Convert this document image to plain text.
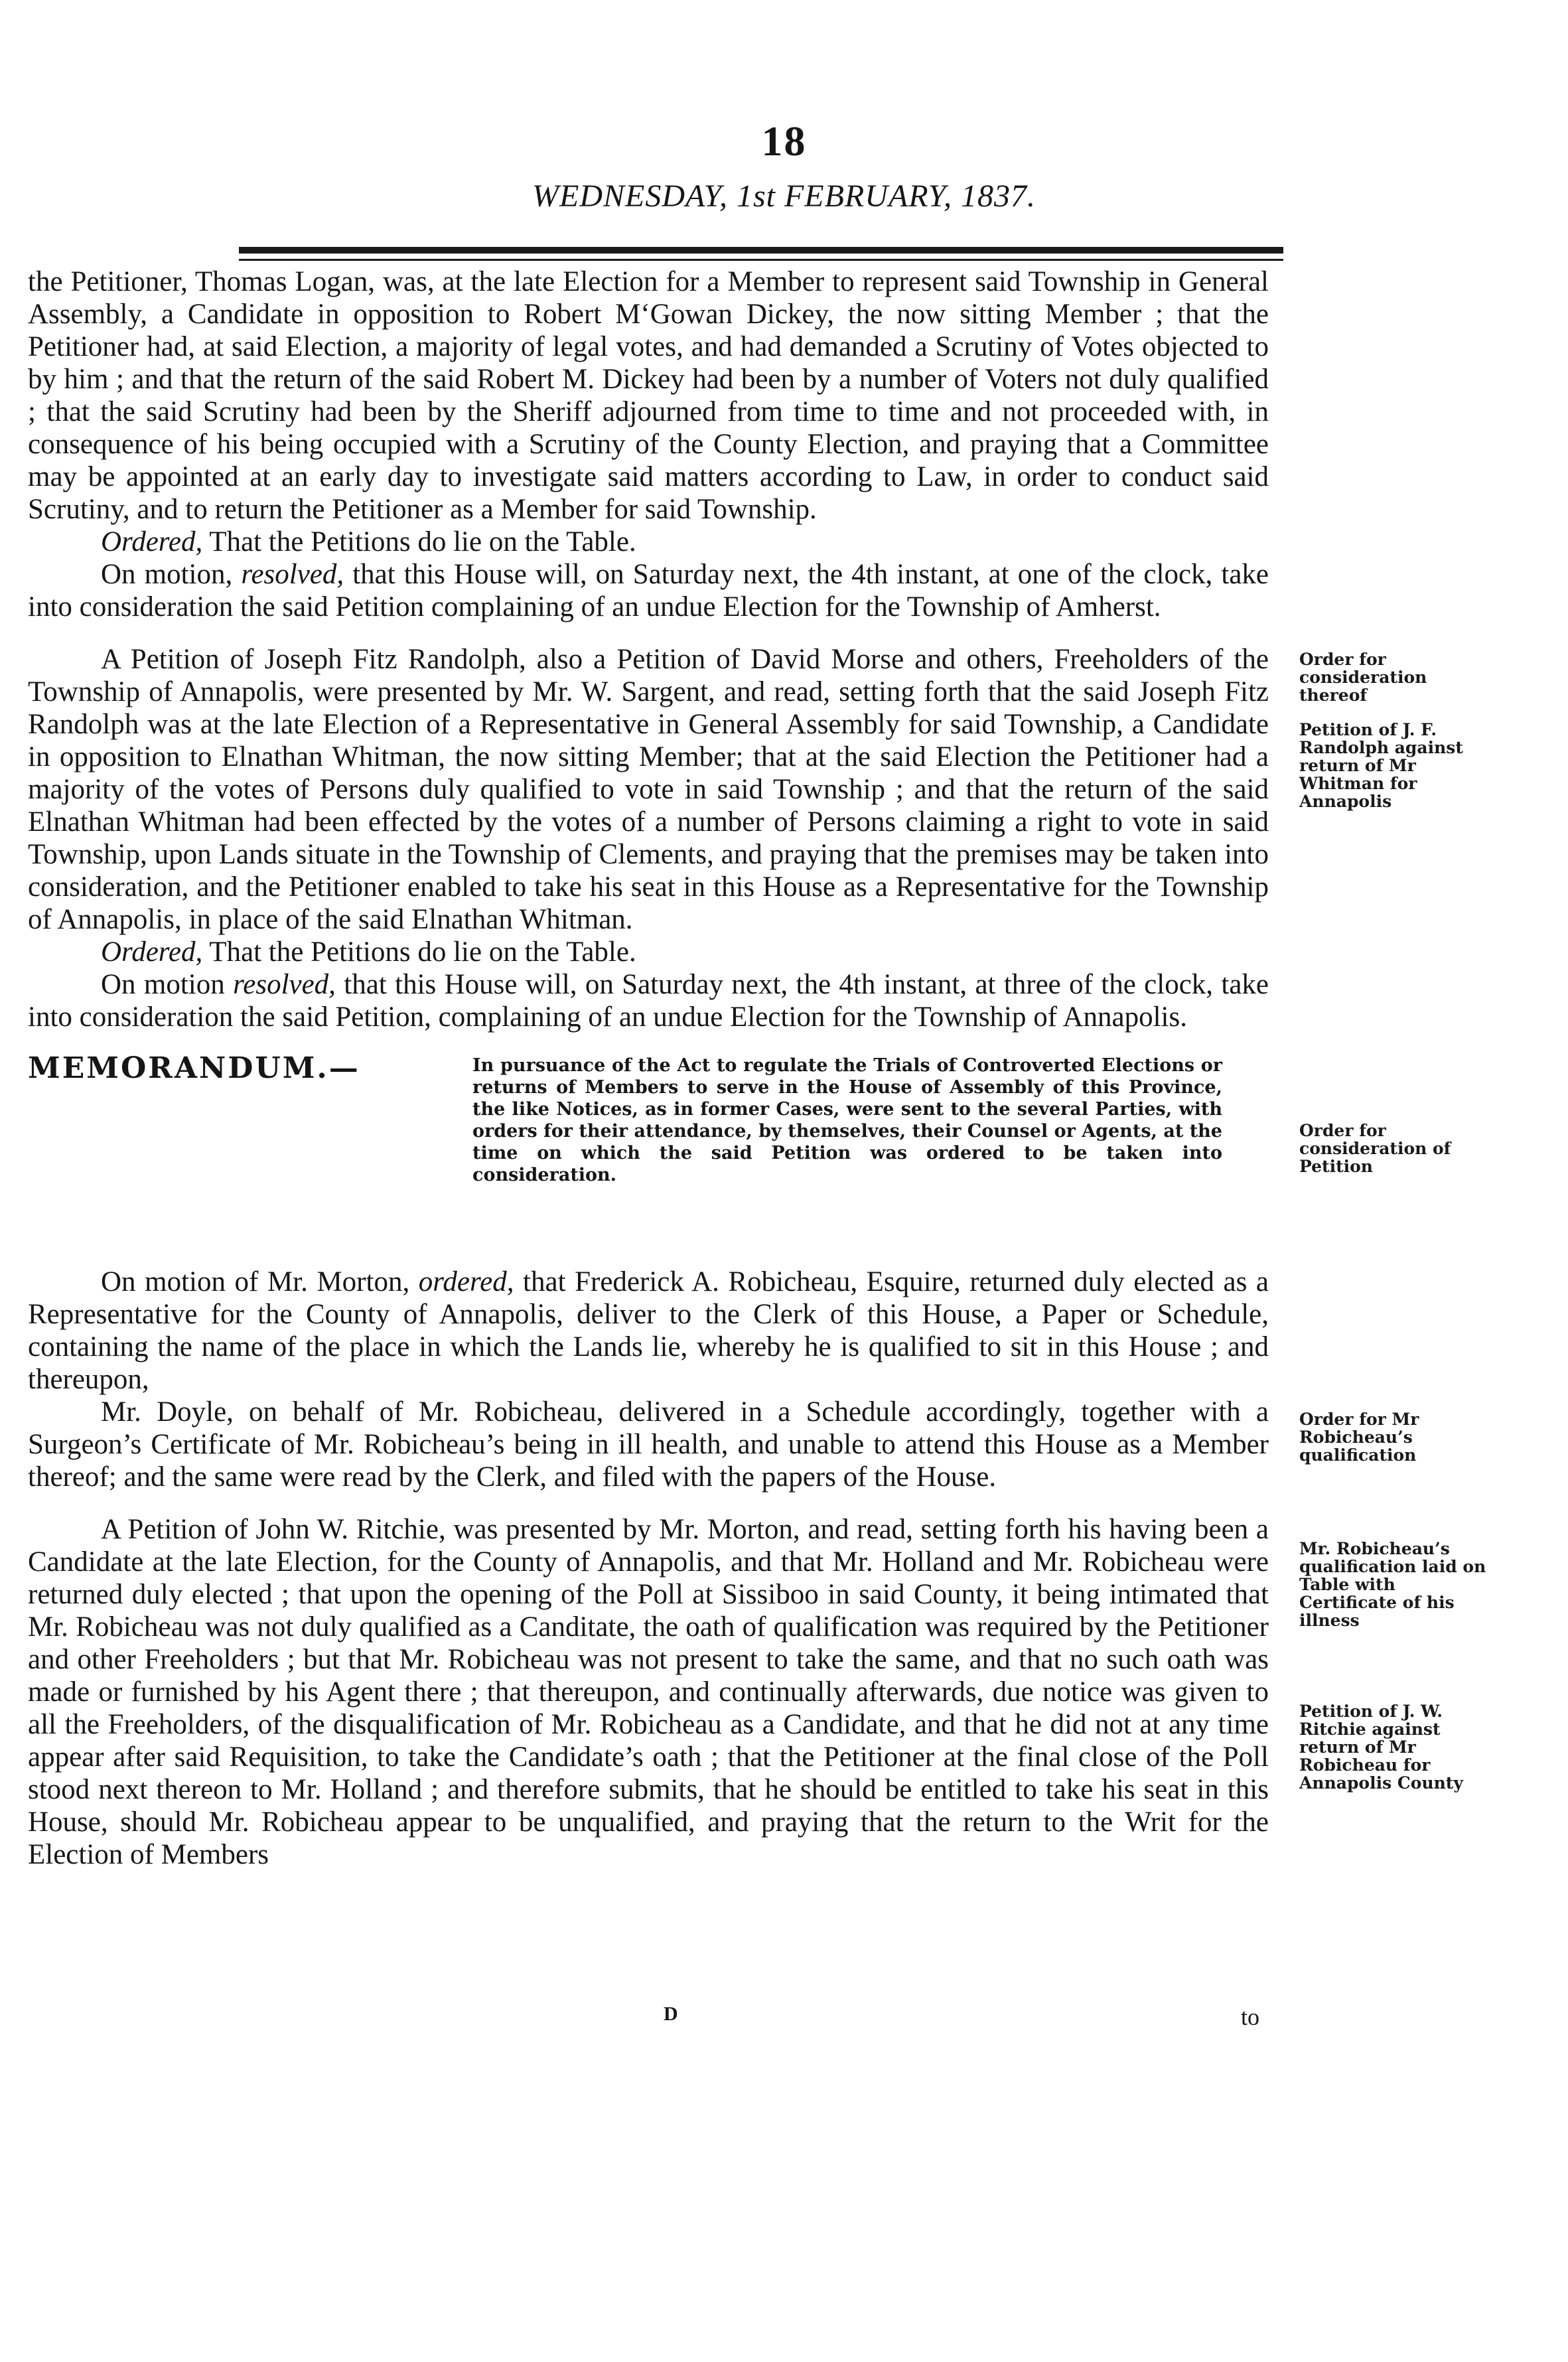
18
WEDNESDAY, 1st FEBRUARY, 1837.

the Petitioner, Thomas Logan, was, at the late Election for a Member to represent said Township in General Assembly, a Candidate in opposition to Robert M‘Gowan Dickey, the now sitting Member ; that the Petitioner had, at said Election, a majority of legal votes, and had demanded a Scrutiny of Votes objected to by him ; and that the return of the said Robert M. Dickey had been by a number of Voters not duly qualified ; that the said Scrutiny had been by the Sheriff adjourned from time to time and not proceeded with, in consequence of his being occupied with a Scrutiny of the County Election, and praying that a Committee may be appointed at an early day to investigate said matters according to Law, in order to conduct said Scrutiny, and to return the Petitioner as a Member for said Township.

Ordered, That the Petitions do lie on the Table.

On motion, resolved, that this House will, on Saturday next, the 4th instant, at one of the clock, take into consideration the said Petition complaining of an undue Election for the Township of Amherst.

A Petition of Joseph Fitz Randolph, also a Petition of David Morse and others, Freeholders of the Township of Annapolis, were presented by Mr. W. Sargent, and read, setting forth that the said Joseph Fitz Randolph was at the late Election of a Representative in General Assembly for said Township, a Candidate in opposition to Elnathan Whitman, the now sitting Member; that at the said Election the Petitioner had a majority of the votes of Persons duly qualified to vote in said Township ; and that the return of the said Elnathan Whitman had been effected by the votes of a number of Persons claiming a right to vote in said Township, upon Lands situate in the Township of Clements, and praying that the premises may be taken into consideration, and the Petitioner enabled to take his seat in this House as a Representative for the Township of Annapolis, in place of the said Elnathan Whitman.

Ordered, That the Petitions do lie on the Table.

On motion resolved, that this House will, on Saturday next, the 4th instant, at three of the clock, take into consideration the said Petition, complaining of an undue Election for the Township of Annapolis.

MEMORANDUM.—	In pursuance of the Act to regulate the Trials of Controverted Elections or returns of Members to serve in the House of Assembly of this Province, the like Notices, as in former Cases, were sent to the several Parties, with orders for their attendance, by themselves, their Counsel or Agents, at the time on which the said Petition was ordered to be taken into consideration.

On motion of Mr. Morton, ordered, that Frederick A. Robicheau, Esquire, returned duly elected as a Representative for the County of Annapolis, deliver to the Clerk of this House, a Paper or Schedule, containing the name of the place in which the Lands lie, whereby he is qualified to sit in this House ; and thereupon,

Mr. Doyle, on behalf of Mr. Robicheau, delivered in a Schedule accordingly, together with a Surgeon’s Certificate of Mr. Robicheau’s being in ill health, and unable to attend this House as a Member thereof; and the same were read by the Clerk, and filed with the papers of the House.

A Petition of John W. Ritchie, was presented by Mr. Morton, and read, setting forth his having been a Candidate at the late Election, for the County of Annapolis, and that Mr. Holland and Mr. Robicheau were returned duly elected ; that upon the opening of the Poll at Sissiboo in said County, it being intimated that Mr. Robicheau was not duly qualified as a Canditate, the oath of qualification was required by the Petitioner and other Freeholders ; but that Mr. Robicheau was not present to take the same, and that no such oath was made or furnished by his Agent there ; that thereupon, and continually afterwards, due notice was given to all the Freeholders, of the disqualification of Mr. Robicheau as a Candidate, and that he did not at any time appear after said Requisition, to take the Candidate’s oath ; that the Petitioner at the final close of the Poll stood next thereon to Mr. Holland ; and therefore submits, that he should be entitled to take his seat in this House, should Mr. Robicheau appear to be unqualified, and praying that the return to the Writ for the Election of Members

Order for consideration thereof
Petition of J. F. Randolph against return of Mr Whitman for Annapolis
Order for consideration of Petition
Order for Mr Robicheau’s qualification
Mr. Robicheau’s qualification laid on Table with Certificate of his illness
Petition of J. W. Ritchie against return of Mr Robicheau for Annapolis County
D	to
